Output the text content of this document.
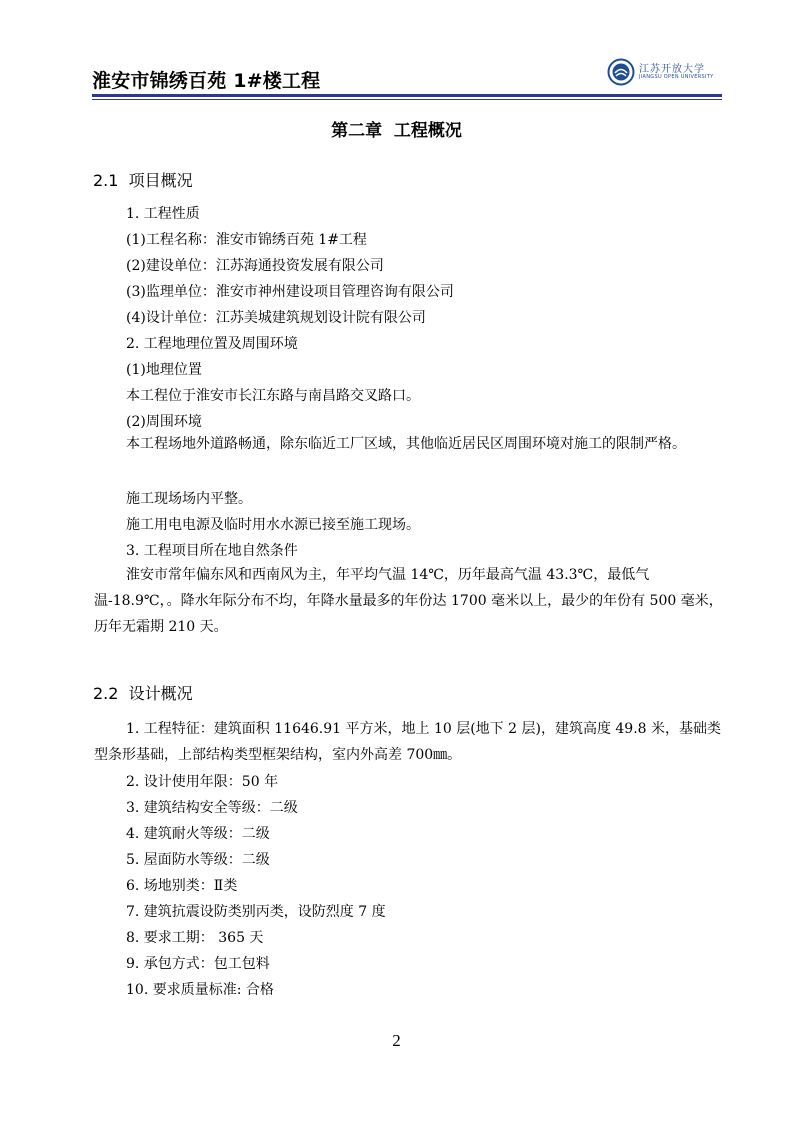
淮安市锦绣百苑 1#楼工程
江苏开放大学
JIANGSU OPEN UNIVERSITY
第二章  工程概况
2.1  项目概况
1. 工程性质
(1)工程名称：淮安市锦绣百苑 1#工程
(2)建设单位：江苏海通投资发展有限公司
(3)监理单位：淮安市神州建设项目管理咨询有限公司
(4)设计单位：江苏美城建筑规划设计院有限公司
2. 工程地理位置及周围环境
(1)地理位置
本工程位于淮安市长江东路与南昌路交叉路口。
(2)周围环境
本工程场地外道路畅通，除东临近工厂区域，其他临近居民区周围环境对施工的限制严格。
施工现场场内平整。
施工用电电源及临时用水水源已接至施工现场。
3. 工程项目所在地自然条件
淮安市常年偏东风和西南风为主，年平均气温 14℃，历年最高气温 43.3℃，最低气温-18.9℃，。降水年际分布不均，年降水量最多的年份达 1700 毫米以上，最少的年份有 500 毫米，历年无霜期 210 天。
2.2  设计概况
1. 工程特征：建筑面积 11646.91 平方米，地上 10 层(地下 2 层)，建筑高度 49.8 米，基础类型条形基础，上部结构类型框架结构，室内外高差 700㎜。
2. 设计使用年限：50 年
3. 建筑结构安全等级：二级
4. 建筑耐火等级：二级
5. 屋面防水等级：二级
6. 场地别类：Ⅱ类
7. 建筑抗震设防类别丙类，设防烈度 7 度
8. 要求工期： 365 天
9. 承包方式：包工包料
10. 要求质量标准: 合格
2
